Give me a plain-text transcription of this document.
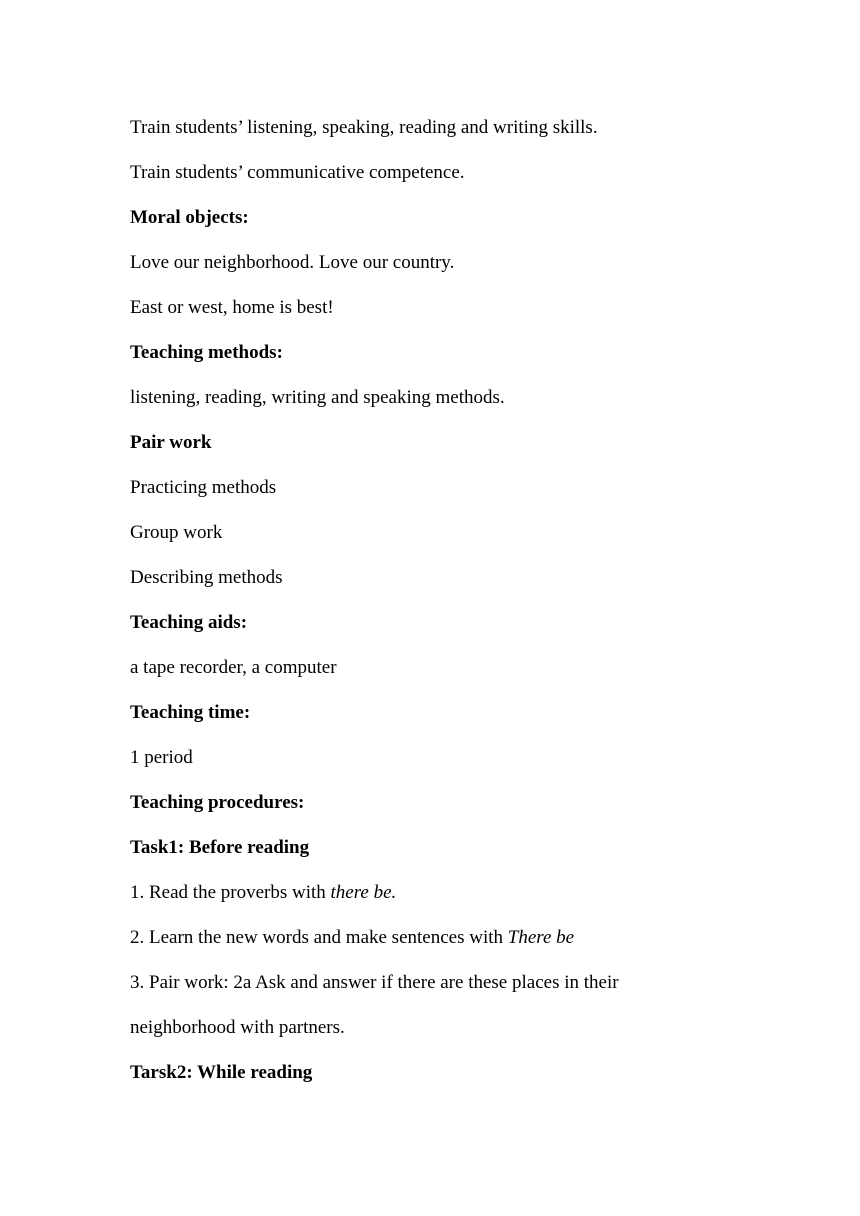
Train students’ listening, speaking, reading and writing skills.

Train students’ communicative competence.

Moral objects:

Love our neighborhood. Love our country.

East or west, home is best!

Teaching methods:

listening, reading, writing and speaking methods.

Pair work

Practicing methods

Group work

Describing methods

Teaching aids:

a tape recorder, a computer

Teaching time:

1 period

Teaching procedures:

Task1: Before reading

1. Read the proverbs with there be.

2. Learn the new words and make sentences with There be

3. Pair work: 2a Ask and answer if there are these places in their

neighborhood with partners.

Tarsk2: While reading
